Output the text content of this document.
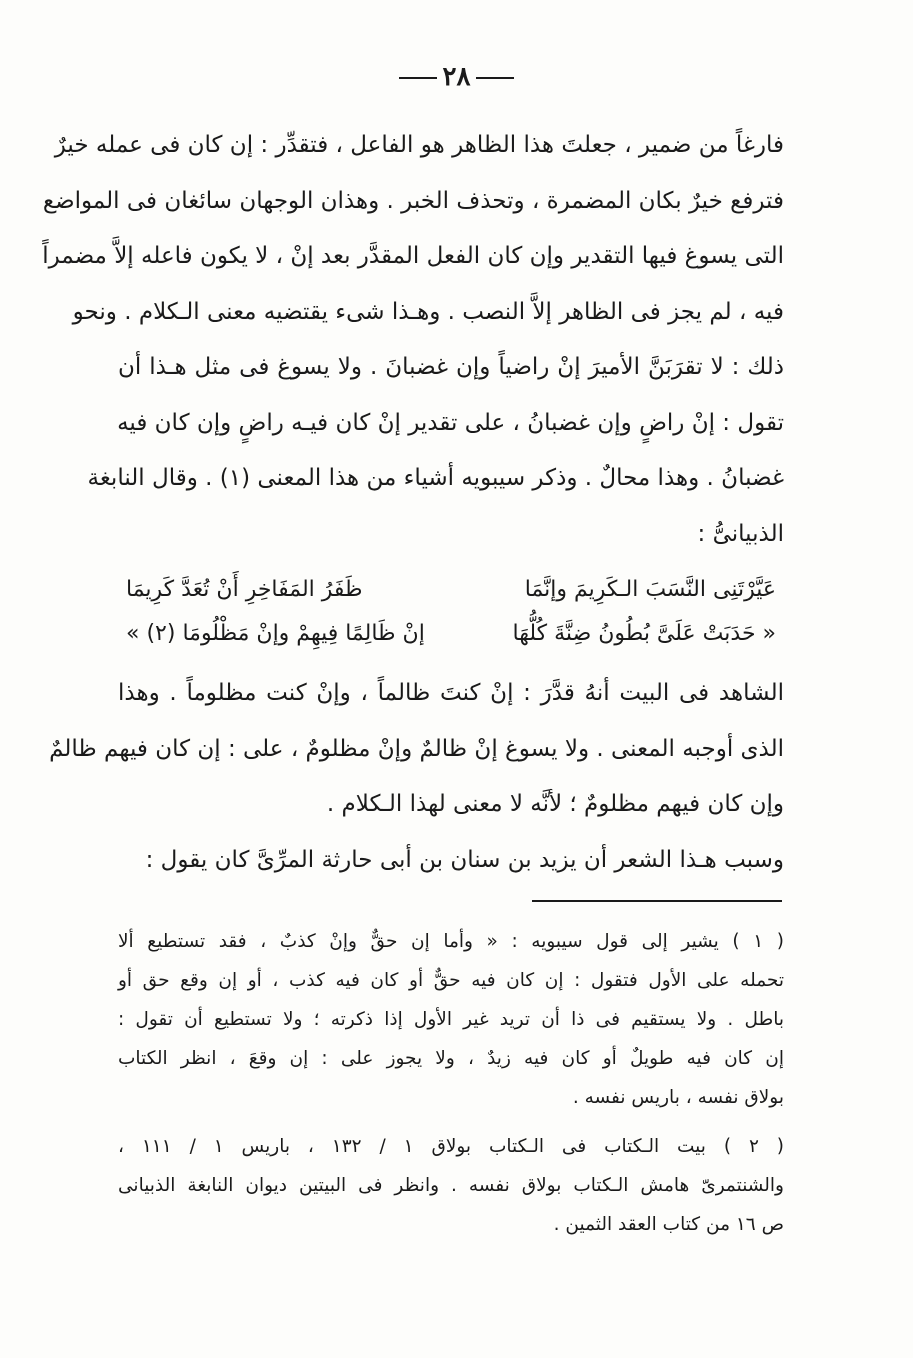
٢٨
فارغاً من ضمير ، جعلتَ هذا الظاهر هو الفاعل ، فتقدِّر : إن كان فى عمله خيرٌ
فترفع خيرٌ بكان المضمرة ، وتحذف الخبر . وهذان الوجهان سائغان فى المواضع
التى يسوغ فيها التقدير وإن كان الفعل المقدَّر بعد إنْ ، لا يكون فاعله إلاَّ مضمراً
فيه ، لم يجز فى الظاهر إلاَّ النصب . وهـذا شىء يقتضيه معنى الـكلام . ونحو
ذلك : لا تقرَبَنَّ الأميرَ إنْ راضياً وإن غضبانَ . ولا يسوغ فى مثل هـذا أن
تقول : إنْ راضٍ وإن غضبانُ ، على تقدير إنْ كان فيـه راضٍ وإن كان فيه
غضبانُ . وهذا محالٌ . وذكر سيبويه أشياء من هذا المعنى (١) . وقال النابغة
الذبيانىُّ :
عَيَّرْتَنِى النَّسَبَ الـكَرِيمَ وإنَّمَا
ظَفَرُ المَفَاخِرِ أَنْ تُعَدَّ كَرِيمَا
« حَدَبَتْ عَلَىَّ بُطُونُ ضِنَّةَ كُلُّهَا
إنْ ظَالِمًا فِيهِمْ وإنْ مَظْلُومَا (٢) »
الشاهد فى البيت أنهُ قدَّرَ : إنْ كنتَ ظالماً ، وإنْ كنت مظلوماً . وهذا
الذى أوجبه المعنى . ولا يسوغ إنْ ظالمٌ وإنْ مظلومٌ ، على : إن كان فيهم ظالمٌ
وإن كان فيهم مظلومٌ ؛ لأنَّه لا معنى لهذا الـكلام .
وسبب هـذا الشعر أن يزيد بن سنان بن أبى حارثة المرِّىَّ كان يقول :
( ١ ) يشير إلى قول سيبويه : « وأما إن حقٌّ وإنْ كذبٌ ، فقد تستطيع ألا
تحمله على الأول فتقول : إن كان فيه حقٌّ أو كان فيه كذب ، أو إن وقع حق أو
باطل . ولا يستقيم فى ذا أن تريد غير الأول إذا ذكرته ؛ ولا تستطيع أن تقول :
إن كان فيه طويلٌ أو كان فيه زيدٌ ، ولا يجوز على : إن وقعَ ، انظر الكتاب
بولاق نفسه ، باريس نفسه .
( ٢ ) بيت الـكتاب فى الـكتاب بولاق ١ / ١٣٢ ، باريس ١ / ١١١ ،
والشنتمرىّ هامش الـكتاب بولاق نفسه . وانظر فى البيتين ديوان النابغة الذبيانى
ص ١٦ من كتاب العقد الثمين .
